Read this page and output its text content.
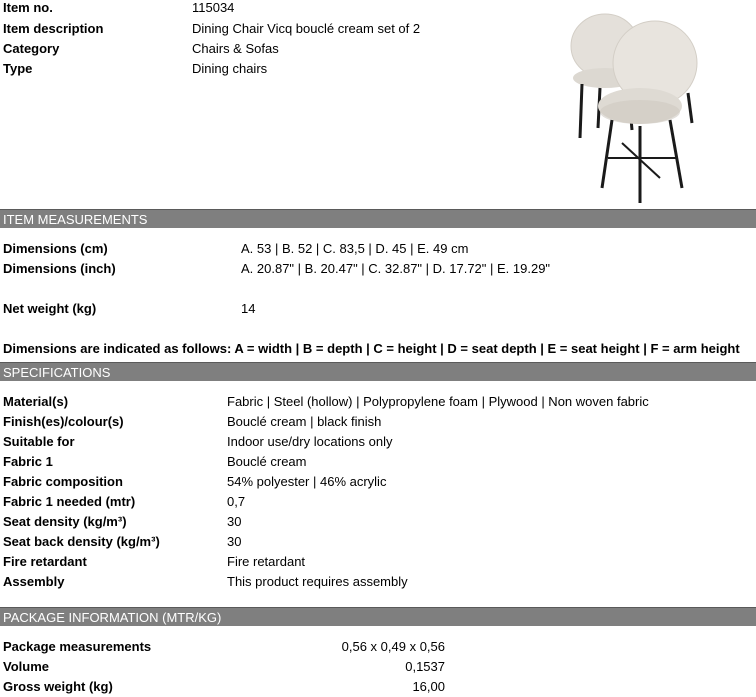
Item no.	115034
Item description	Dining Chair Vicq bouclé cream set of 2
Category	Chairs & Sofas
Type	Dining chairs
ITEM MEASUREMENTS
Dimensions (cm)	A. 53 | B. 52 | C. 83,5 | D. 45 | E. 49 cm
Dimensions (inch)	A. 20.87" | B. 20.47" | C. 32.87" | D. 17.72" | E. 19.29"
Net weight (kg)	14
Dimensions are indicated as follows: A = width | B = depth | C = height | D = seat depth | E = seat height | F = arm height
SPECIFICATIONS
Material(s)	Fabric | Steel (hollow) | Polypropylene foam | Plywood | Non woven fabric
Finish(es)/colour(s)	Bouclé cream | black finish
Suitable for	Indoor use/dry locations only
Fabric 1	Bouclé cream
Fabric composition	54% polyester | 46% acrylic
Fabric 1 needed (mtr)	0,7
Seat density (kg/m³)	30
Seat back density (kg/m³)	30
Fire retardant	Fire retardant
Assembly	This product requires assembly
PACKAGE INFORMATION (MTR/KG)
Package measurements	0,56 x 0,49 x 0,56
Volume	0,1537
Gross weight (kg)	16,00
